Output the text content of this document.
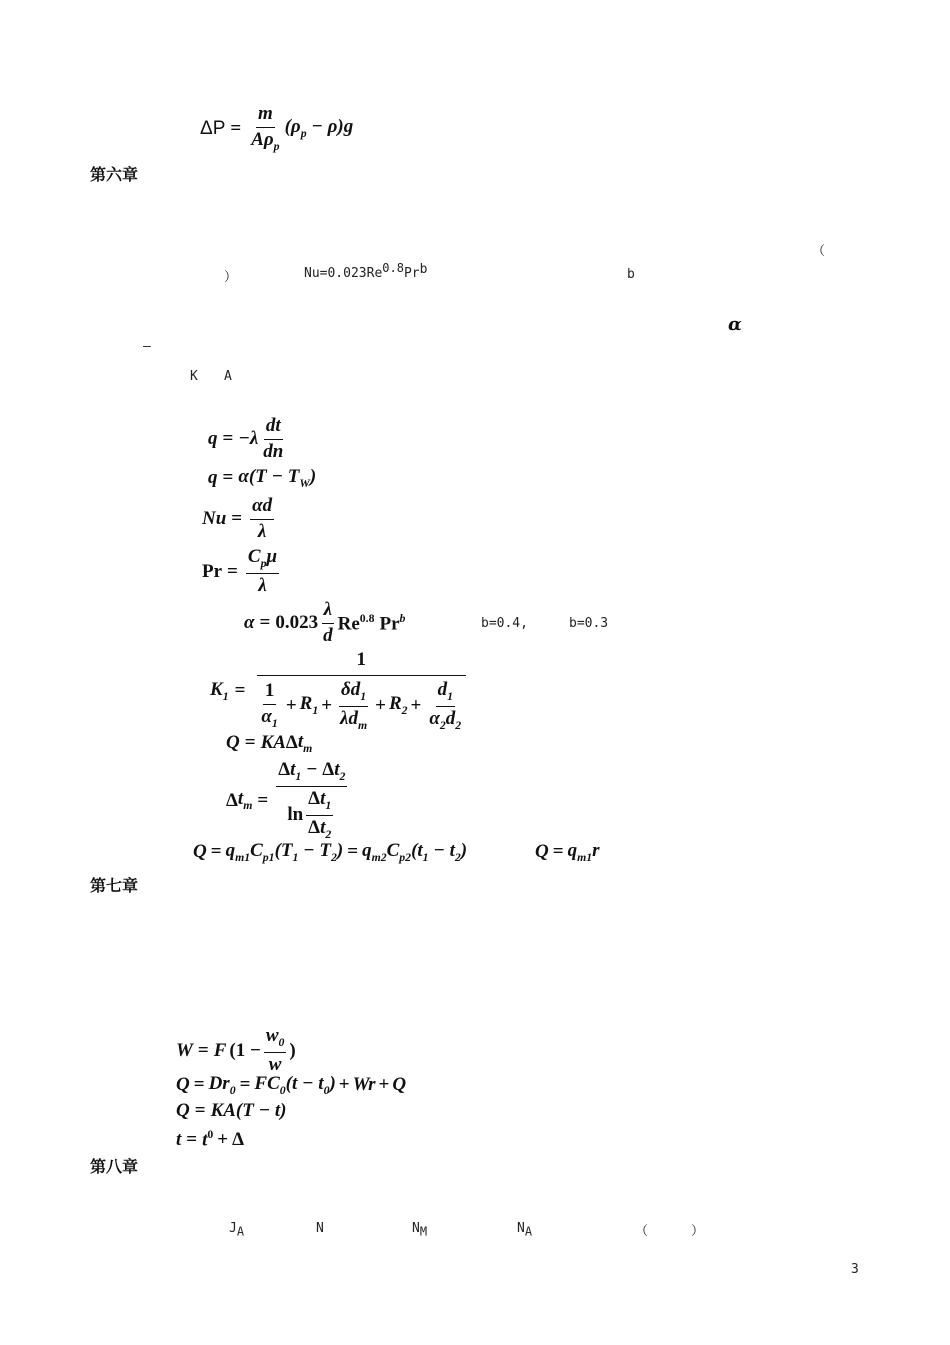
$\Delta P = \frac{m}{A\rho_p} (\rho_p - \rho)g$
第六章
（
）	Nu=0.023Re0.8Prb	b
α
–
K A
$q = -\lambda \frac{dt}{dn}$
$q = \alpha(T - T_W)$
$Nu = \frac{\alpha d}{\lambda}$
$Pr = \frac{C_p\mu}{\lambda}$
$\alpha = 0.023 \frac{\lambda}{d} Re^{0.8}$ Pr$^b$	b=0.4,	b=0.3
$K_1 = \frac{1}{\frac{1}{\alpha_1} + R_1 + \frac{\delta d_1}{\lambda d_m} + R_2 + \frac{d_1}{\alpha_2d_2}}$
Q = KA Δ $t_m$
Δ $t_m = \frac{\Delta t_1 - \Delta t_2}{\ln \frac{\Delta t_1}{\Delta t_2}}$
$Q = q_{m1}C_{p1}(T_1 - T_2) = q_{m2}C_{p2}(t_1 - t_2)$	$Q = q_{m1}r$
第七章
W = F ($1 - \frac{w_0}{w}$ )
$Q = Dr_0 = FC_0(t - t_0) + Wr + Q$
Q = KA(T − t)
$t = t^0 + \Delta$
第八章
$J_A$	N	$N_M$	$N_A$	（	）
3
